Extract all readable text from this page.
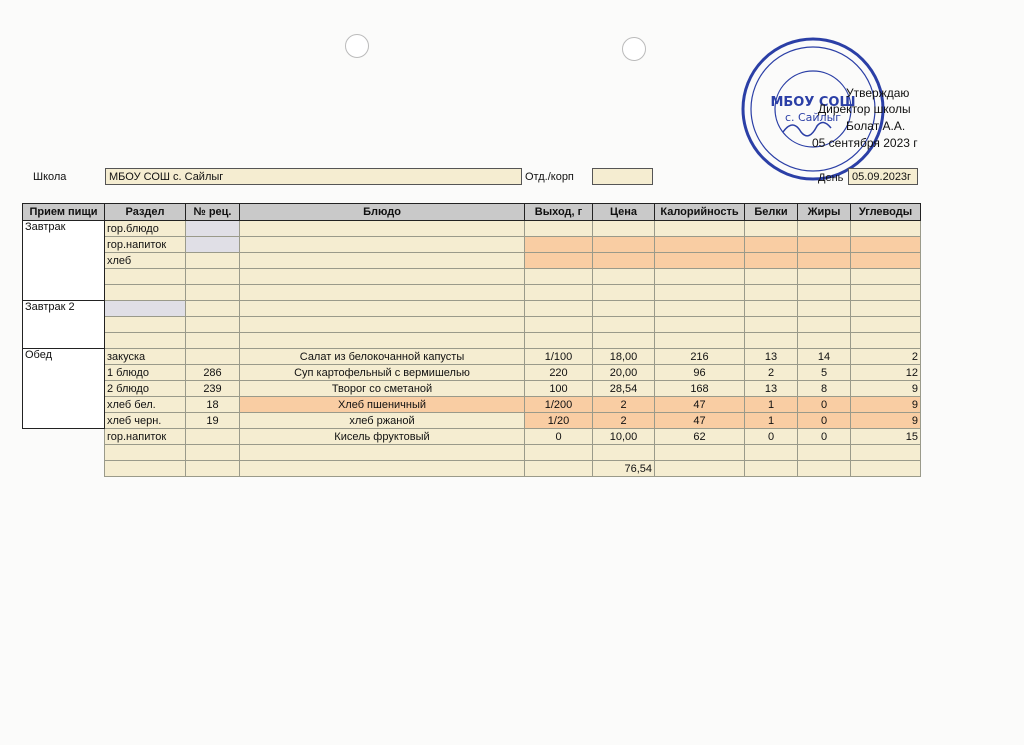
МБОУ СОШ
с. Сайлыг
Утверждаю
Директор школы
Болат А.А.
05 сентября 2023 г
Школа	МБОУ СОШ с. Сайлыг	Отд./корп	День 05.09.2023г
Прием пищи	Раздел	№ рец.	Блюдо	Выход, г	Цена	Калорийность	Белки	Жиры	Углеводы
Завтрак	гор.блюдо								
	гор.напиток								
	хлеб								

Завтрак 2									

Обед	закуска		Салат из белокочанной капусты	1/100	18,00	216	13	14	2
	1 блюдо	286	Суп картофельный с вермишелью	220	20,00	96	2	5	12
	2 блюдо	239	Творог со сметаной	100	28,54	168	13	8	9
	хлеб бел.	18	Хлеб пшеничный	1/200	2	47	1	0	9
	хлеб черн.	19	хлеб ржаной	1/20	2	47	1	0	9
	гор.напиток		Кисель фруктовый	0	10,00	62	0	0	15

					76,54				
